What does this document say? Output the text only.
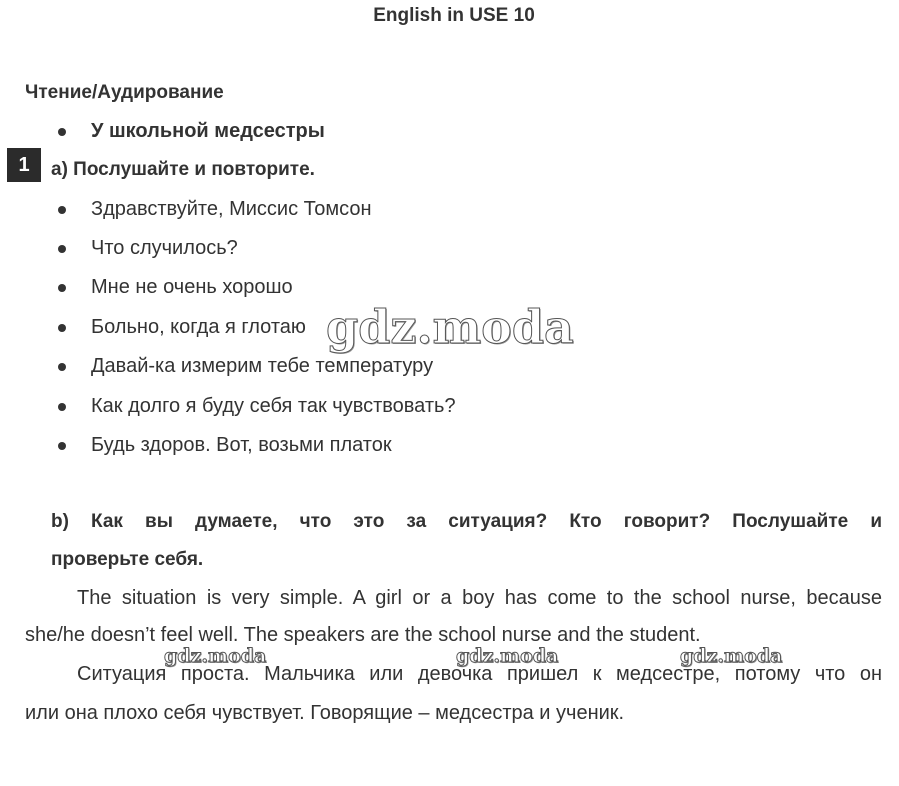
English in USE 10
Чтение/Аудирование
У школьной медсестры
1	a) Послушайте и повторите.
Здравствуйте, Миссис Томсон
Что случилось?
Мне не очень хорошо
Больно, когда я глотаю
Давай-ка измерим тебе температуру
Как долго я буду себя так чувствовать?
Будь здоров. Вот, возьми платок
b) Как вы думаете, что это за ситуация? Кто говорит? Послушайте и
проверьте себя.
The situation is very simple. A girl or a boy has come to the school nurse, because
she/he doesn’t feel well. The speakers are the school nurse and the student.
Ситуация проста. Мальчика или девочка пришел к медсестре, потому что он
или она плохо себя чувствует. Говорящие – медсестра и ученик.
gdz.moda
gdz.moda	gdz.moda	gdz.moda
